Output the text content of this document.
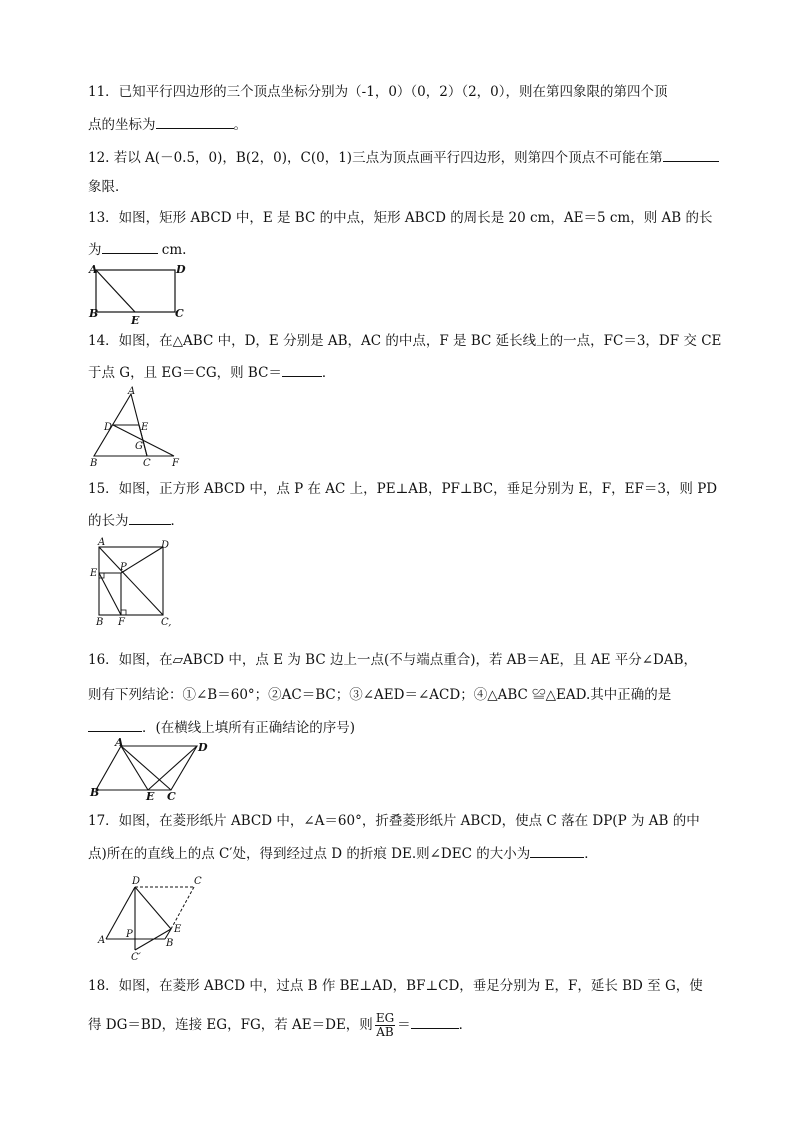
11．已知平行四边形的三个顶点坐标分别为（-1，0）（0，2）（2，0），则在第四象限的第四个顶
点的坐标为	。
12. 若以 A(－0.5，0)，B(2，0)，C(0，1)三点为顶点画平行四边形，则第四个顶点不可能在第
象限．
13．如图，矩形 ABCD 中，E 是 BC 的中点，矩形 ABCD 的周长是 20 cm，AE＝5 cm，则 AB 的长
为	cm.
A	D
B
E
C
14．如图，在△ABC 中，D，E 分别是 AB，AC 的中点，F 是 BC 延长线上的一点，FC＝3，DF 交 CE
于点 G，且 EG＝CG，则 BC＝	．
A
D	E
G
B	C F
15．如图，正方形 ABCD 中，点 P 在 AC 上，PE⊥AB，PF⊥BC，垂足分别为 E，F，EF＝3，则 PD
的长为	．
A	D
E
P
B F	C,
16．如图，在▱ABCD 中，点 E 为 BC 边上一点(不与端点重合)，若 AB＝AE，且 AE 平分∠DAB，
则有下列结论：①∠B＝60°；②AC＝BC；③∠AED＝∠ACD；④△ABC ≌△EAD.其中正确的是
．(在横线上填所有正确结论的序号)
A	D
B	E C
17．如图，在菱形纸片 ABCD 中，∠A＝60°，折叠菱形纸片 ABCD，使点 C 落在 DP(P 为 AB 的中
点)所在的直线上的点 C′处，得到经过点 D 的折痕 DE.则∠DEC 的大小为	．
D	C
E
A
P
B
C′
18．如图，在菱形 ABCD 中，过点 B 作 BE⊥AD，BF⊥CD，垂足分别为 E，F，延长 BD 至 G，使
得 DG＝BD，连接 EG，FG，若 AE＝DE，则 $\frac{EG}{AB}$ ＝	．
